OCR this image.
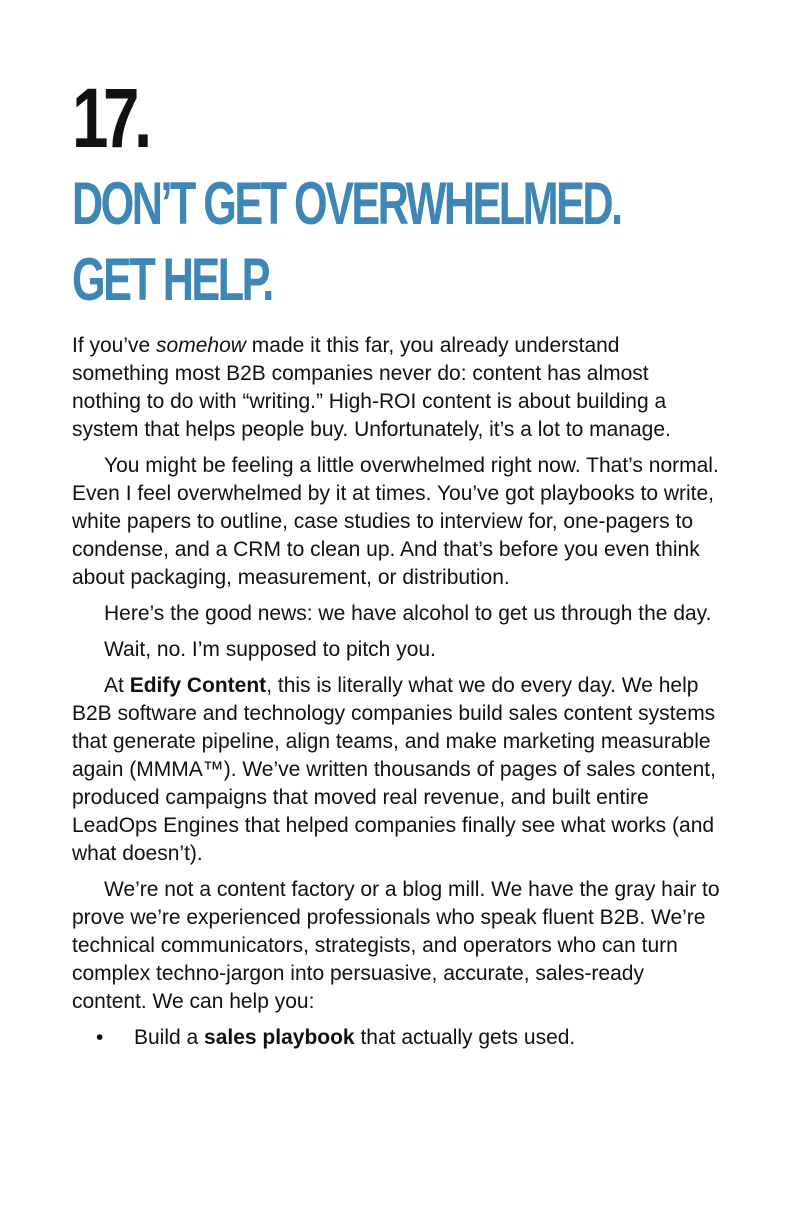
17.
DON’T GET OVERWHELMED.
GET HELP.

If you’ve somehow made it this far, you already understand something most B2B companies never do: content has almost nothing to do with “writing.” High-ROI content is about building a system that helps people buy. Unfortunately, it’s a lot to manage.

You might be feeling a little overwhelmed right now. That’s normal. Even I feel overwhelmed by it at times. You’ve got playbooks to write, white papers to outline, case studies to interview for, one-pagers to condense, and a CRM to clean up. And that’s before you even think about packaging, measurement, or distribution.

Here’s the good news: we have alcohol to get us through the day.

Wait, no. I’m supposed to pitch you.

At Edify Content, this is literally what we do every day. We help B2B software and technology companies build sales content systems that generate pipeline, align teams, and make marketing measurable again (MMMA™). We’ve written thousands of pages of sales content, produced campaigns that moved real revenue, and built entire LeadOps Engines that helped companies finally see what works (and what doesn’t).

We’re not a content factory or a blog mill. We have the gray hair to prove we’re experienced professionals who speak fluent B2B. We’re technical communicators, strategists, and operators who can turn complex techno-jargon into persuasive, accurate, sales-ready content. We can help you:

• Build a sales playbook that actually gets used.
